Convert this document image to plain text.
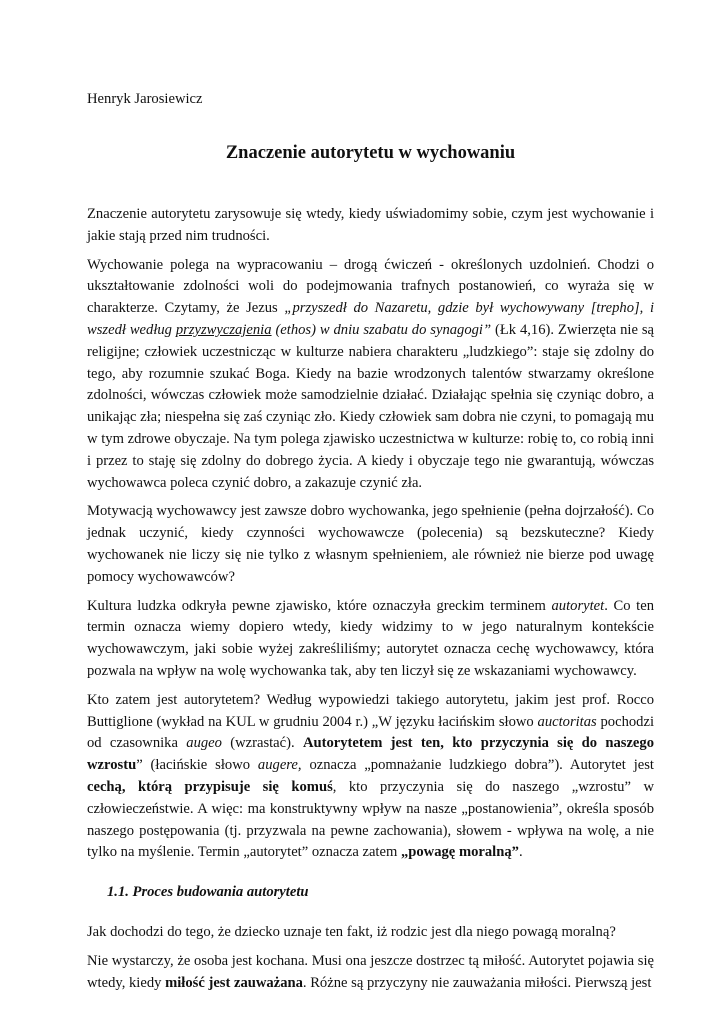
Henryk Jarosiewicz
Znaczenie autorytetu w wychowaniu

Znaczenie autorytetu zarysowuje się wtedy, kiedy uświadomimy sobie, czym jest wychowanie i jakie stają przed nim trudności.

Wychowanie polega na wypracowaniu – drogą ćwiczeń - określonych uzdolnień. Chodzi o ukształtowanie zdolności woli do podejmowania trafnych postanowień, co wyraża się w charakterze. Czytamy, że Jezus „przyszedł do Nazaretu, gdzie był wychowywany [trepho], i wszedł według przyzwyczajenia (ethos) w dniu szabatu do synagogi” (Łk 4,16). Zwierzęta nie są religijne; człowiek uczestnicząc w kulturze nabiera charakteru „ludzkiego”: staje się zdolny do tego, aby rozumnie szukać Boga. Kiedy na bazie wrodzonych talentów stwarzamy określone zdolności, wówczas człowiek może samodzielnie działać. Działając spełnia się czyniąc dobro, a unikając zła; niespełna się zaś czyniąc zło. Kiedy człowiek sam dobra nie czyni, to pomagają mu w tym zdrowe obyczaje. Na tym polega zjawisko uczestnictwa w kulturze: robię to, co robią inni i przez to staję się zdolny do dobrego życia. A kiedy i obyczaje tego nie gwarantują, wówczas wychowawca poleca czynić dobro, a zakazuje czynić zła.

Motywacją wychowawcy jest zawsze dobro wychowanka, jego spełnienie (pełna dojrzałość). Co jednak uczynić, kiedy czynności wychowawcze (polecenia) są bezskuteczne? Kiedy wychowanek nie liczy się nie tylko z własnym spełnieniem, ale również nie bierze pod uwagę pomocy wychowawców?

Kultura ludzka odkryła pewne zjawisko, które oznaczyła greckim terminem autorytet. Co ten termin oznacza wiemy dopiero wtedy, kiedy widzimy to w jego naturalnym kontekście wychowawczym, jaki sobie wyżej zakreśliliśmy; autorytet oznacza cechę wychowawcy, która pozwala na wpływ na wolę wychowanka tak, aby ten liczył się ze wskazaniami wychowawcy.

Kto zatem jest autorytetem? Według wypowiedzi takiego autorytetu, jakim jest prof. Rocco Buttiglione (wykład na KUL w grudniu 2004 r.) „W języku łacińskim słowo auctoritas pochodzi od czasownika augeo (wzrastać). Autorytetem jest ten, kto przyczynia się do naszego wzrostu” (łacińskie słowo augere, oznacza „pomnażanie ludzkiego dobra”). Autorytet jest cechą, którą przypisuje się komuś, kto przyczynia się do naszego „wzrostu” w człowieczeństwie. A więc: ma konstruktywny wpływ na nasze „postanowienia”, określa sposób naszego postępowania (tj. przyzwala na pewne zachowania), słowem - wpływa na wolę, a nie tylko na myślenie. Termin „autorytet” oznacza zatem „powagę moralną”.

1.1. Proces budowania autorytetu

Jak dochodzi do tego, że dziecko uznaje ten fakt, iż rodzic jest dla niego powagą moralną?

Nie wystarczy, że osoba jest kochana. Musi ona jeszcze dostrzec tą miłość. Autorytet pojawia się wtedy, kiedy miłość jest zauważana. Różne są przyczyny nie zauważania miłości. Pierwszą jest
